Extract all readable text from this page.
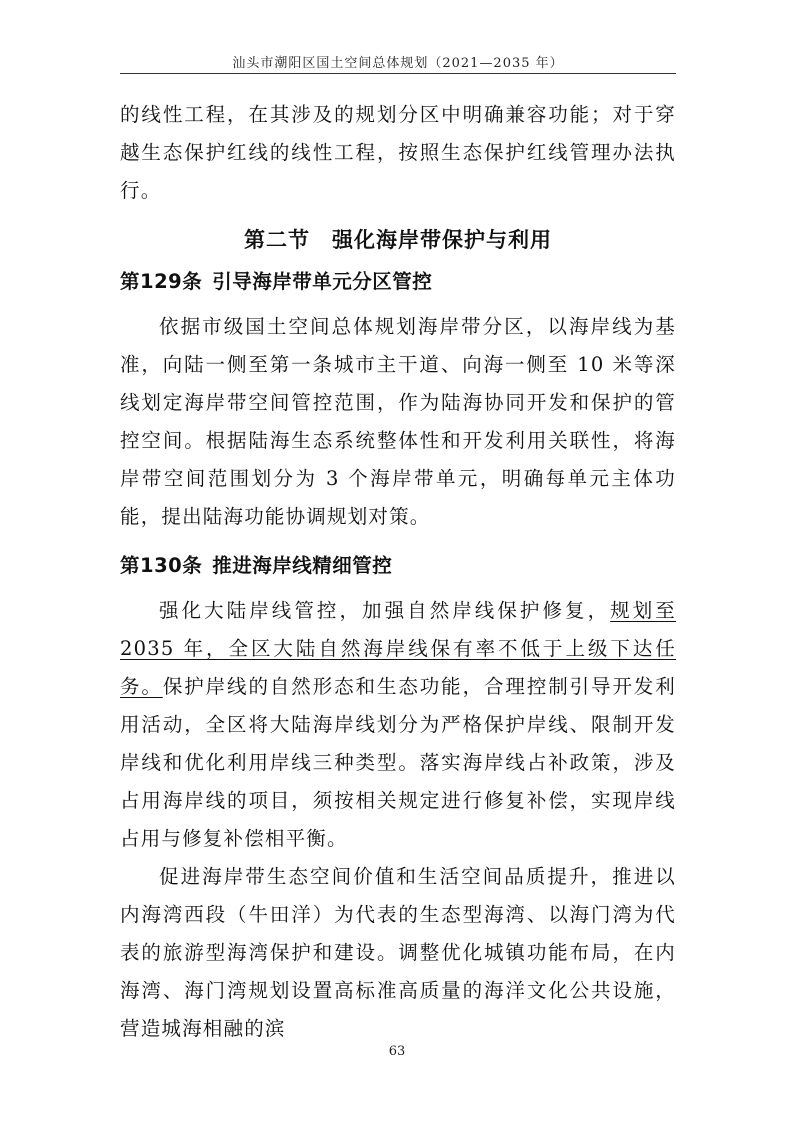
汕头市潮阳区国土空间总体规划（2021—2035 年）

的线性工程，在其涉及的规划分区中明确兼容功能；对于穿越生态保护红线的线性工程，按照生态保护红线管理办法执行。

第二节　强化海岸带保护与利用
第129条 引导海岸带单元分区管控

依据市级国土空间总体规划海岸带分区，以海岸线为基准，向陆一侧至第一条城市主干道、向海一侧至 10 米等深线划定海岸带空间管控范围，作为陆海协同开发和保护的管控空间。根据陆海生态系统整体性和开发利用关联性，将海岸带空间范围划分为 3 个海岸带单元，明确每单元主体功能，提出陆海功能协调规划对策。

第130条 推进海岸线精细管控

强化大陆岸线管控，加强自然岸线保护修复，规划至 2035 年，全区大陆自然海岸线保有率不低于上级下达任务。保护岸线的自然形态和生态功能，合理控制引导开发利用活动，全区将大陆海岸线划分为严格保护岸线、限制开发岸线和优化利用岸线三种类型。落实海岸线占补政策，涉及占用海岸线的项目，须按相关规定进行修复补偿，实现岸线占用与修复补偿相平衡。

促进海岸带生态空间价值和生活空间品质提升，推进以内海湾西段（牛田洋）为代表的生态型海湾、以海门湾为代表的旅游型海湾保护和建设。调整优化城镇功能布局，在内海湾、海门湾规划设置高标准高质量的海洋文化公共设施，营造城海相融的滨

63
